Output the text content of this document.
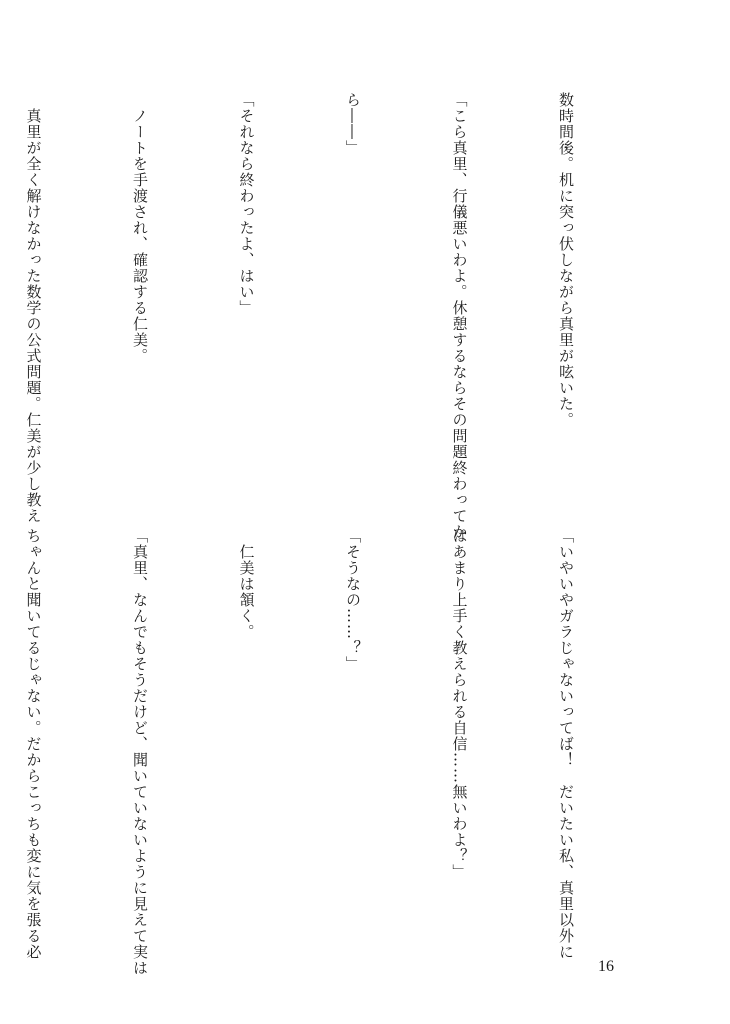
数時間後。机に突っ伏しながら真里が呟いた。

「こら真里、行儀悪いわよ。休憩するならその問題終わってか

ら――」

「それなら終わったよ、はい」

　ノートを手渡され、確認する仁美。

　真里が全く解けなかった数学の公式問題。仁美が少し教え

「いやいやガラじゃないってば！　だいたい私、真里以外に

はあまり上手く教えられる自信……無いわよ？」

「そうなの……？」

　仁美は頷く。

「真里、なんでもそうだけど、聞いていないように見えて実は

ちゃんと聞いてるじゃない。だからこっちも変に気を張る必

16
